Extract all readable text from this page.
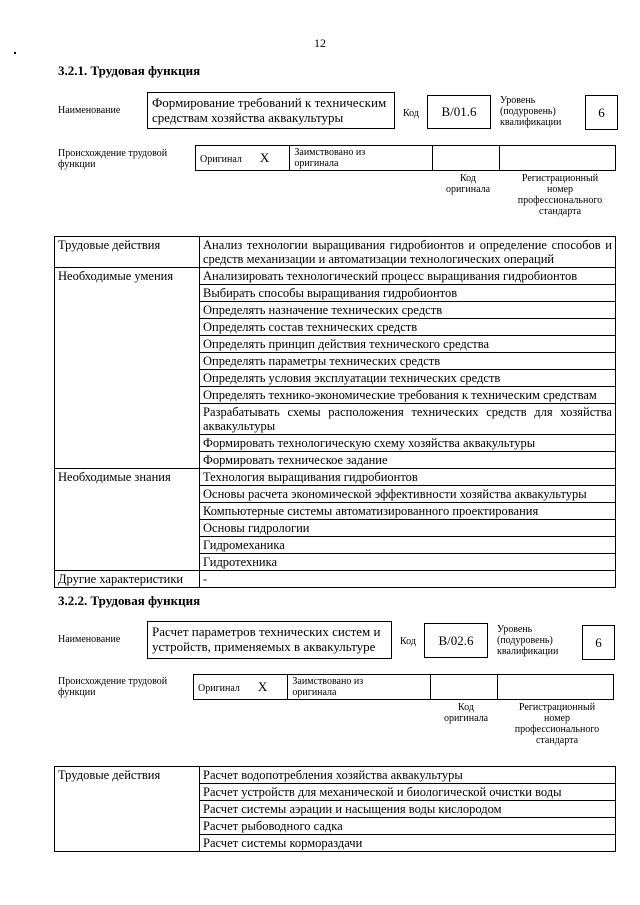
12
3.2.1. Трудовая функция
Наименование
Формирование требований к техническим
средствам хозяйства аквакультуры	Код	B/01.6
Уровень
(подуровень)
квалификации
6
Происхождение трудовой
функции	Оригинал X	Заимствовано из
оригинала

Код
оригинала
Регистрационный
номер
профессионального
стандарта
Трудовые действия	Анализ технологии выращивания гидробионтов и определение способов и средств механизации и автоматизации технологических операций
Необходимые умения	Анализировать технологический процесс выращивания гидробионтов
	Выбирать способы выращивания гидробионтов
	Определять назначение технических средств
	Определять состав технических средств
	Определять принцип действия технического средства
	Определять параметры технических средств
	Определять условия эксплуатации технических средств
	Определять технико-экономические требования к техническим средствам
	Разрабатывать схемы расположения технических средств для хозяйства аквакультуры
	Формировать технологическую схему хозяйства аквакультуры
	Формировать техническое задание
Необходимые знания	Технология выращивания гидробионтов
	Основы расчета экономической эффективности хозяйства аквакультуры
	Компьютерные системы автоматизированного проектирования
	Основы гидрологии
	Гидромеханика
	Гидротехника
Другие характеристики	-
3.2.2. Трудовая функция
Наименование
Расчет параметров технических систем и
устройств, применяемых в аквакультуре	Код	B/02.6
Уровень
(подуровень)
квалификации
6
Происхождение трудовой
функции	Оригинал X	Заимствовано из
оригинала

Код
оригинала
Регистрационный
номер
профессионального
стандарта
Трудовые действия	Расчет водопотребления хозяйства аквакультуры
Расчет устройств для механической и биологической очистки воды
Расчет системы аэрации и насыщения воды кислородом
Расчет рыбоводного садка
Расчет системы кормораздачи
